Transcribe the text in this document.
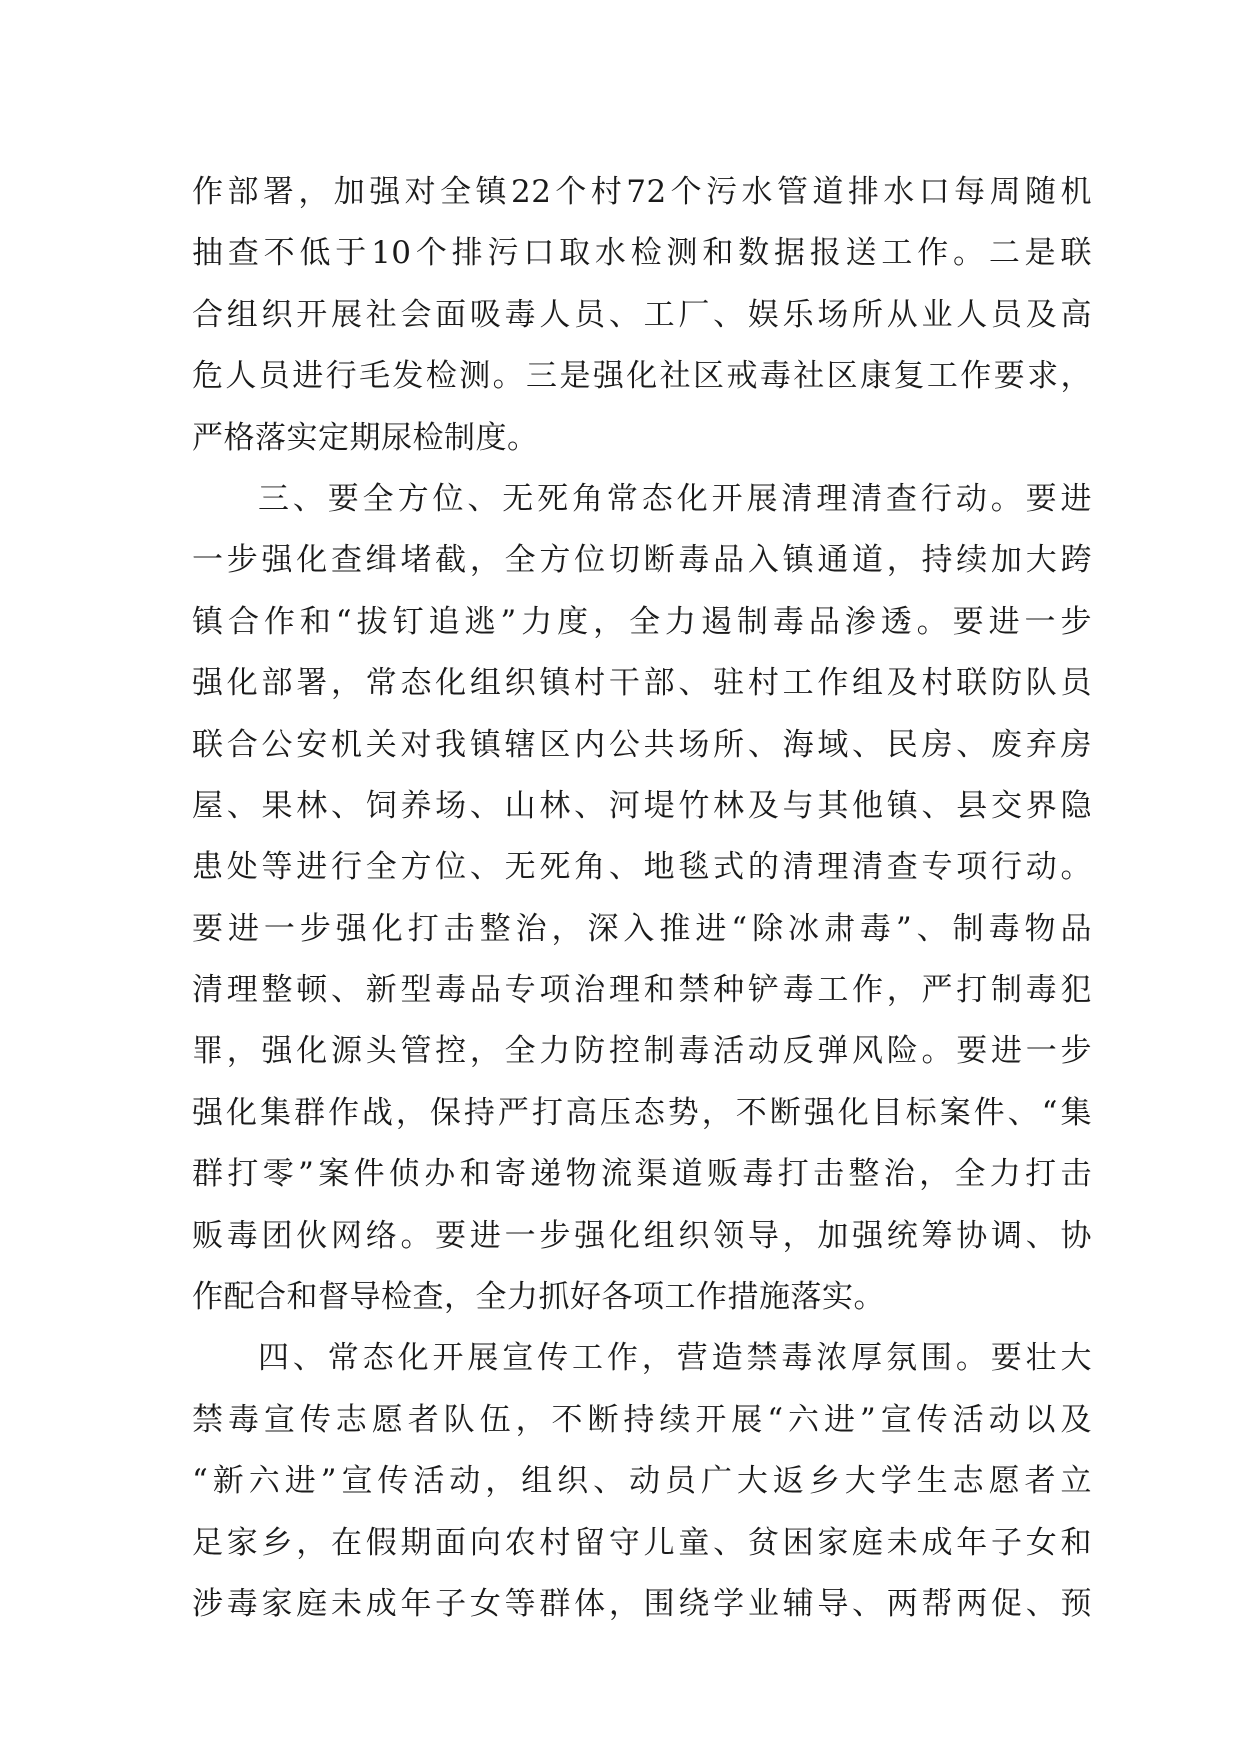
作部署，加强对全镇22个村72个污水管道排水口每周随机
抽查不低于10个排污口取水检测和数据报送工作。二是联
合组织开展社会面吸毒人员、工厂、娱乐场所从业人员及高
危人员进行毛发检测。三是强化社区戒毒社区康复工作要求，
严格落实定期尿检制度。
三、要全方位、无死角常态化开展清理清查行动。要进
一步强化查缉堵截，全方位切断毒品入镇通道，持续加大跨
镇合作和“拔钉追逃”力度，全力遏制毒品渗透。要进一步
强化部署，常态化组织镇村干部、驻村工作组及村联防队员
联合公安机关对我镇辖区内公共场所、海域、民房、废弃房
屋、果林、饲养场、山林、河堤竹林及与其他镇、县交界隐
患处等进行全方位、无死角、地毯式的清理清查专项行动。
要进一步强化打击整治，深入推进“除冰肃毒”、制毒物品
清理整顿、新型毒品专项治理和禁种铲毒工作，严打制毒犯
罪，强化源头管控，全力防控制毒活动反弹风险。要进一步
强化集群作战，保持严打高压态势，不断强化目标案件、“集
群打零”案件侦办和寄递物流渠道贩毒打击整治，全力打击
贩毒团伙网络。要进一步强化组织领导，加强统筹协调、协
作配合和督导检查，全力抓好各项工作措施落实。
四、常态化开展宣传工作，营造禁毒浓厚氛围。要壮大
禁毒宣传志愿者队伍，不断持续开展“六进”宣传活动以及
“新六进”宣传活动，组织、动员广大返乡大学生志愿者立
足家乡，在假期面向农村留守儿童、贫困家庭未成年子女和
涉毒家庭未成年子女等群体，围绕学业辅导、两帮两促、预
